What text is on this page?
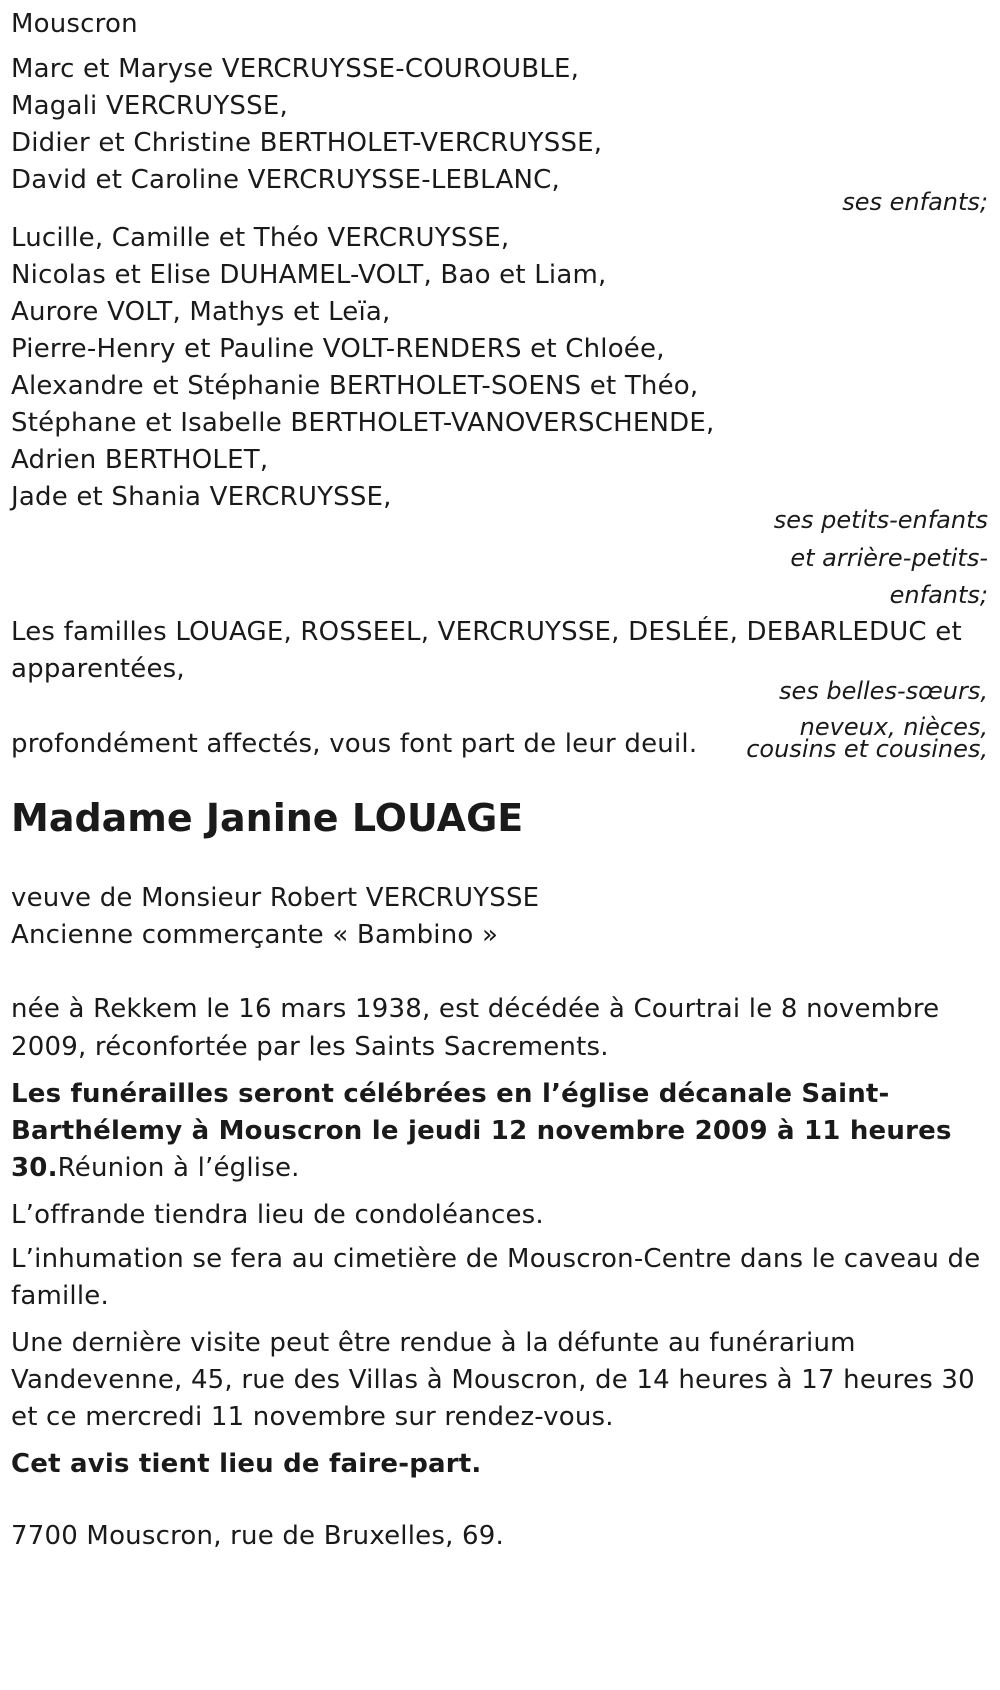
Mouscron
Marc et Maryse VERCRUYSSE-COUROUBLE,
Magali VERCRUYSSE,
Didier et Christine BERTHOLET-VERCRUYSSE,
David et Caroline VERCRUYSSE-LEBLANC,
ses enfants;
Lucille, Camille et Théo VERCRUYSSE,
Nicolas et Elise DUHAMEL-VOLT, Bao et Liam,
Aurore VOLT, Mathys et Leïa,
Pierre-Henry et Pauline VOLT-RENDERS et Chloée,
Alexandre et Stéphanie BERTHOLET-SOENS et Théo,
Stéphane et Isabelle BERTHOLET-VANOVERSCHENDE,
Adrien BERTHOLET,
Jade et Shania VERCRUYSSE,
ses petits-enfants
et arrière-petits-
enfants;
Les familles LOUAGE, ROSSEEL, VERCRUYSSE, DESLÉE, DEBARLEDUC et
apparentées,
ses belles-sœurs,
neveux, nièces,
cousins et cousines,
profondément affectés, vous font part de leur deuil.
Madame Janine LOUAGE
veuve de Monsieur Robert VERCRUYSSE
Ancienne commerçante « Bambino »
née à Rekkem le 16 mars 1938, est décédée à Courtrai le 8 novembre 2009, réconfortée par les Saints Sacrements.
Les funérailles seront célébrées en l’église décanale Saint-Barthélemy à Mouscron le jeudi 12 novembre 2009 à 11 heures 30.Réunion à l’église.
L’offrande tiendra lieu de condoléances.
L’inhumation se fera au cimetière de Mouscron-Centre dans le caveau de famille.
Une dernière visite peut être rendue à la défunte au funérarium Vandevenne, 45, rue des Villas à Mouscron, de 14 heures à 17 heures 30 et ce mercredi 11 novembre sur rendez-vous.
Cet avis tient lieu de faire-part.
7700 Mouscron, rue de Bruxelles, 69.
